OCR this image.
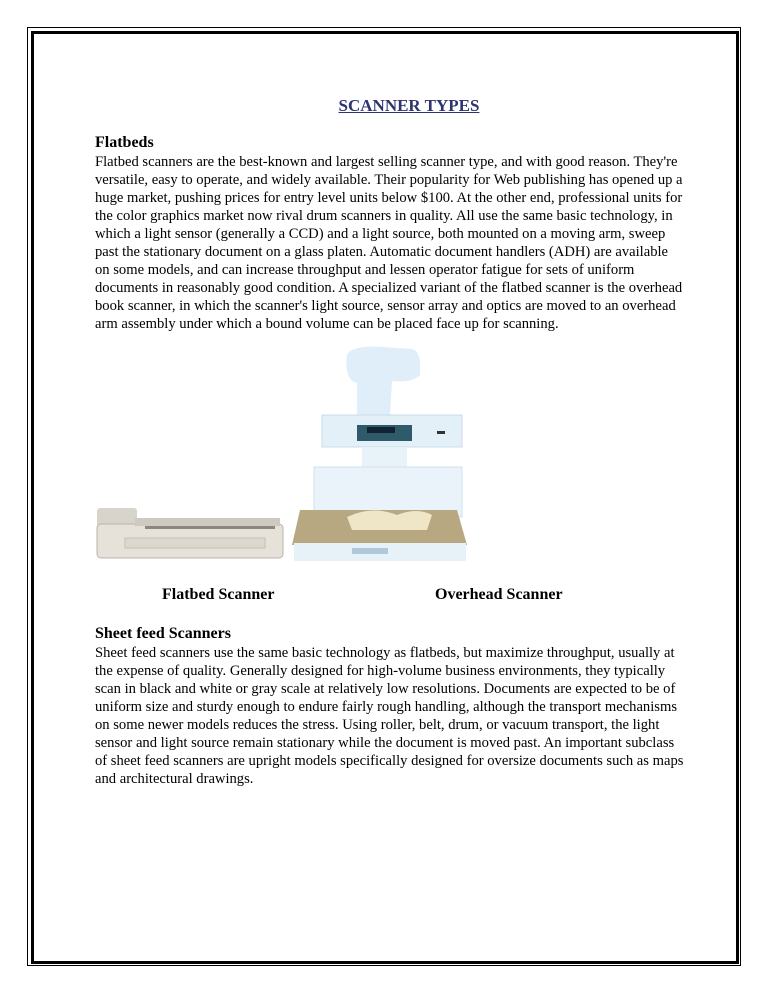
SCANNER TYPES
Flatbeds
Flatbed scanners are the best-known and largest selling scanner type, and with good reason. They're versatile, easy to operate, and widely available. Their popularity for Web publishing has opened up a huge market, pushing prices for entry level units below $100. At the other end, professional units for the color graphics market now rival drum scanners in quality. All use the same basic technology, in which a light sensor (generally a CCD) and a light source, both mounted on a moving arm, sweep past the stationary document on a glass platen. Automatic document handlers (ADH) are available on some models, and can increase throughput and lessen operator fatigue for sets of uniform documents in reasonably good condition. A specialized variant of the flatbed scanner is the overhead book scanner, in which the scanner's light source, sensor array and optics are moved to an overhead arm assembly under which a bound volume can be placed face up for scanning.
Flatbed Scanner	Overhead Scanner
Sheet feed Scanners
Sheet feed scanners use the same basic technology as flatbeds, but maximize throughput, usually at the expense of quality. Generally designed for high-volume business environments, they typically scan in black and white or gray scale at relatively low resolutions. Documents are expected to be of uniform size and sturdy enough to endure fairly rough handling, although the transport mechanisms on some newer models reduces the stress. Using roller, belt, drum, or vacuum transport, the light sensor and light source remain stationary while the document is moved past. An important subclass of sheet feed scanners are upright models specifically designed for oversize documents such as maps and architectural drawings.
